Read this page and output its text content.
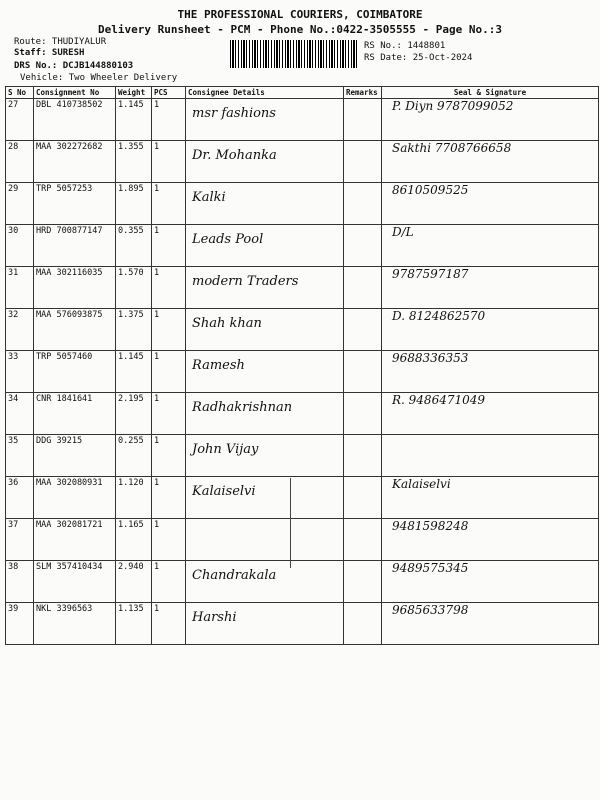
THE PROFESSIONAL COURIERS, COIMBATORE
Delivery Runsheet - PCM - Phone No.:0422-3505555 - Page No.:3
Route: THUDIYALUR
Staff: SURESH
DRS No.: DCJB144880103
Vehicle: Two Wheeler Delivery
RS No.: 1448801
RS Date: 25-Oct-2024
S No	Consignment No	Weight	PCS	Consignee Details	Remarks	Seal & Signature
27	DBL 410738502	1.145	1	msr fashions		P. Diyn 9787099052

28	MAA 302272682	1.355	1	Dr. Mohanka		Sakthi 7708766658

29	TRP 5057253	1.895	1	Kalki		8610509525

30	HRD 700877147	0.355	1	Leads Pool		D/L

31	MAA 302116035	1.570	1	modern Traders		9787597187

32	MAA 576093875	1.375	1	Shah khan		D. 8124862570

33	TRP 5057460	1.145	1	Ramesh		9688336353

34	CNR 1841641	2.195	1	Radhakrishnan		R. 9486471049

35	DDG 39215	0.255	1	John Vijay		

36	MAA 302080931	1.120	1	Kalaiselvi		Kalaiselvi

37	MAA 302081721	1.165	1			9481598248

38	SLM 357410434	2.940	1	Chandrakala		9489575345

39	NKL 3396563	1.135	1	Harshi		9685633798
